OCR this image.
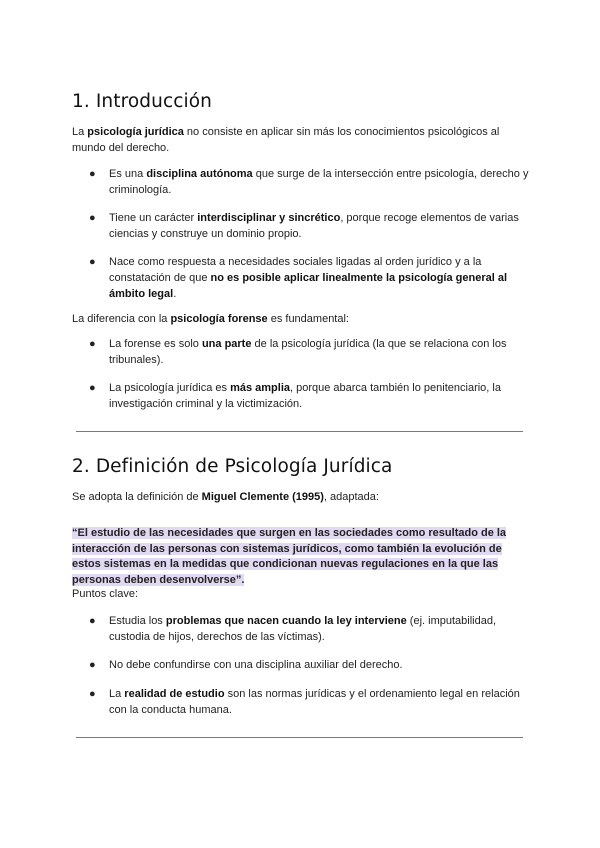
1. Introducción

La psicología jurídica no consiste en aplicar sin más los conocimientos psicológicos al mundo del derecho.

● Es una disciplina autónoma que surge de la intersección entre psicología, derecho y criminología.

● Tiene un carácter interdisciplinar y sincrético, porque recoge elementos de varias ciencias y construye un dominio propio.

● Nace como respuesta a necesidades sociales ligadas al orden jurídico y a la constatación de que no es posible aplicar linealmente la psicología general al ámbito legal.

La diferencia con la psicología forense es fundamental:

● La forense es solo una parte de la psicología jurídica (la que se relaciona con los tribunales).

● La psicología jurídica es más amplia, porque abarca también lo penitenciario, la investigación criminal y la victimización.

2. Definición de Psicología Jurídica

Se adopta la definición de Miguel Clemente (1995), adaptada:

“El estudio de las necesidades que surgen en las sociedades como resultado de la interacción de las personas con sistemas jurídicos, como también la evolución de estos sistemas en la medidas que condicionan nuevas regulaciones en la que las personas deben desenvolverse”.

Puntos clave:

● Estudia los problemas que nacen cuando la ley interviene (ej. imputabilidad, custodia de hijos, derechos de las víctimas).

● No debe confundirse con una disciplina auxiliar del derecho.

● La realidad de estudio son las normas jurídicas y el ordenamiento legal en relación con la conducta humana.
